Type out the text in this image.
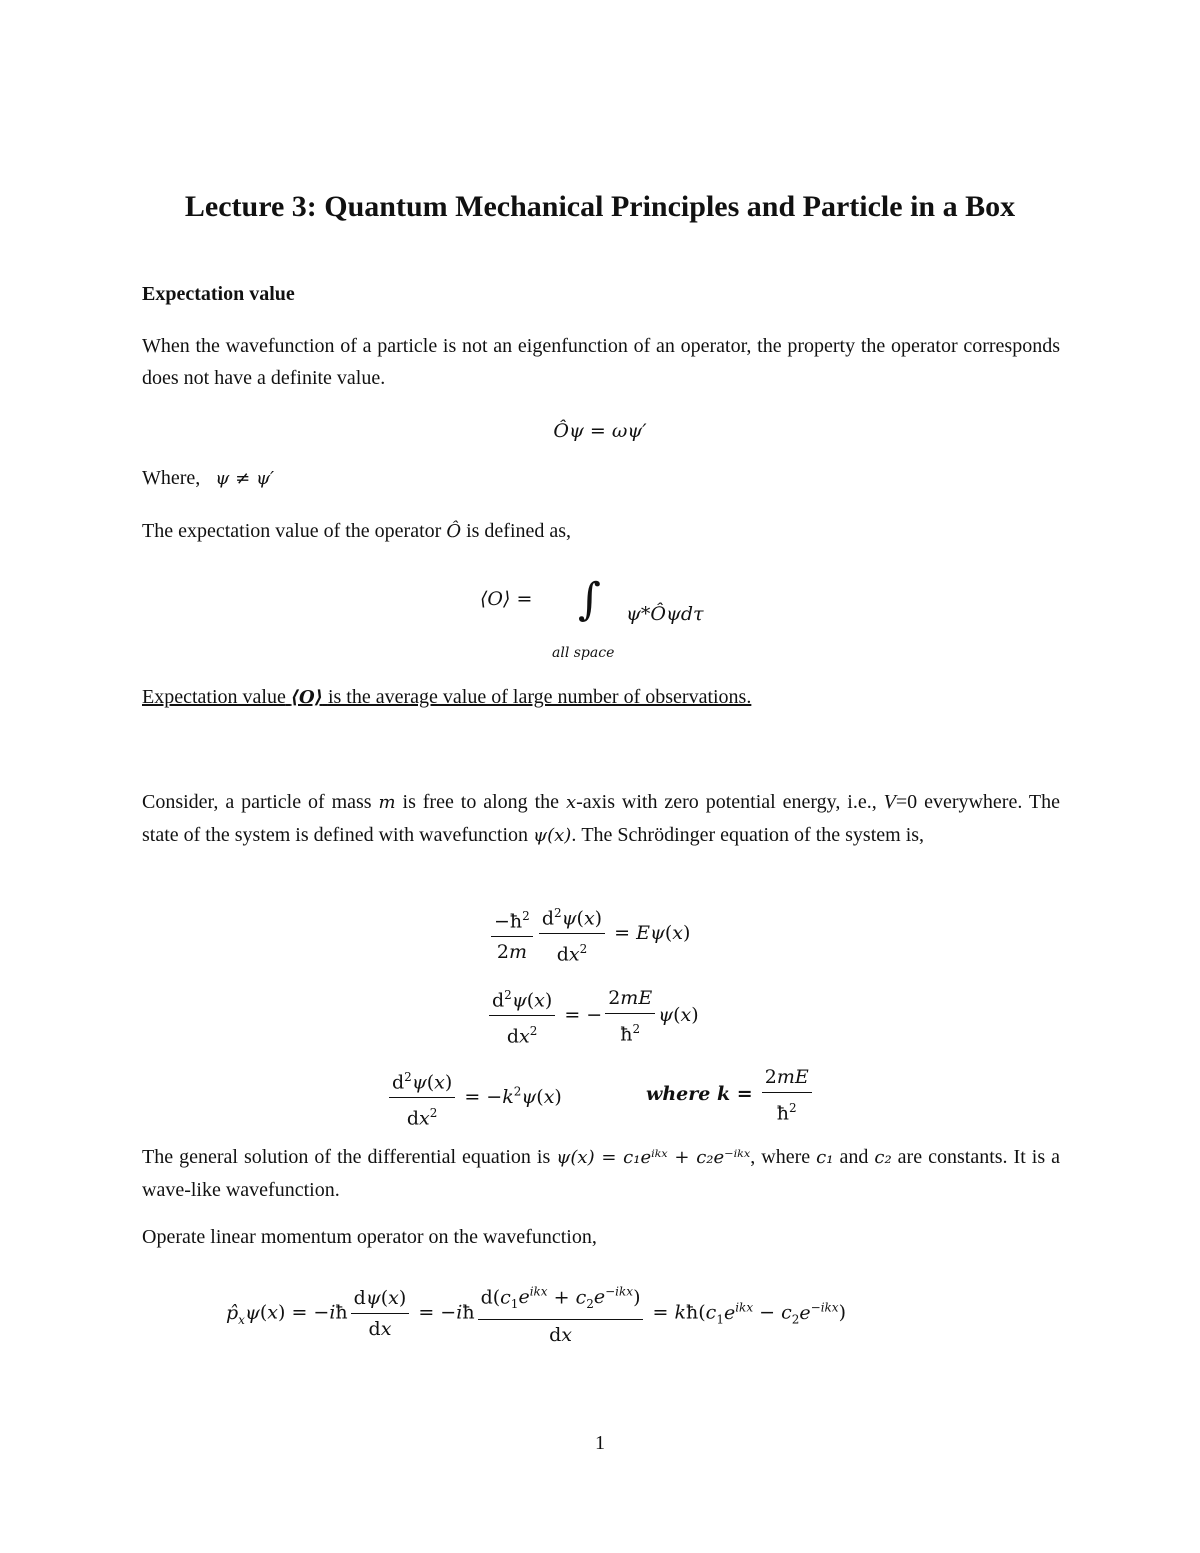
Lecture 3: Quantum Mechanical Principles and Particle in a Box
Expectation value
When the wavefunction of a particle is not an eigenfunction of an operator, the property the operator corresponds does not have a definite value.
Ôψ = ωψ′
Where, ψ ≠ ψ′
The expectation value of the operator Ô is defined as,
⟨O⟩ = ∫ ψ*Ôψdτ
all space
Expectation value ⟨O⟩ is the average value of large number of observations.
Consider, a particle of mass m is free to along the x-axis with zero potential energy, i.e., V=0 everywhere. The state of the system is defined with wavefunction ψ(x). The Schrödinger equation of the system is,
$\frac{-ħ^2}{2m} \frac{d^2\psi(x)}{dx^2} = E\psi(x)$
$\frac{d^2\psi(x)}{dx^2}$ = − $\frac{2mE}{ħ^2} \psi(x)$
$\frac{d^2\psi(x)}{dx^2} = -k^2\psi(x)$	where $k = \frac{2mE}{ħ^2}$
The general solution of the differential equation is ψ(x) = c₁eⁱᵏˣ + c₂e⁻ⁱᵏˣ, where c₁ and c₂ are constants. It is a wave-like wavefunction.
Operate linear momentum operator on the wavefunction,
$p̂_x\psi(x)$ = −iħ $\frac{d\psi(x)}{dx}$ = −iħ $\frac{d(c_1e^{ikx} + c_2e^{-ikx})}{dx}$ = $kħ(c_1e^{ikx} - c_2e^{-ikx})$
1
